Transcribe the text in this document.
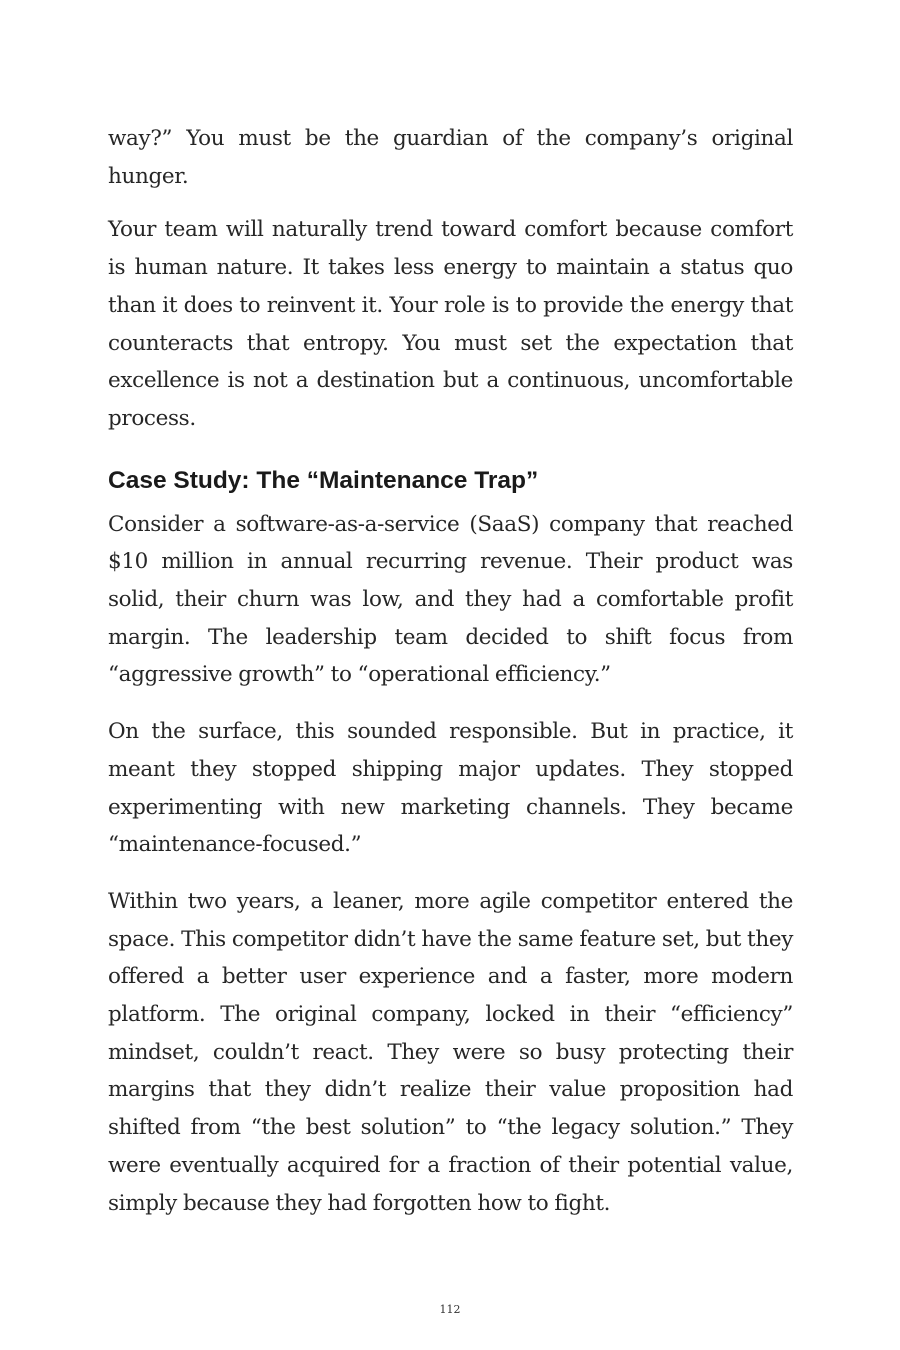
way?” You must be the guardian of the company’s original hunger.

Your team will naturally trend toward comfort because comfort is human nature. It takes less energy to maintain a status quo than it does to reinvent it. Your role is to provide the energy that counteracts that entropy. You must set the expectation that excellence is not a destination but a continuous, uncomfortable process.

Case Study: The “Maintenance Trap”

Consider a software-as-a-service (SaaS) company that reached $10 million in annual recurring revenue. Their product was solid, their churn was low, and they had a comfortable profit margin. The leadership team decided to shift focus from “aggressive growth” to “operational efficiency.”

On the surface, this sounded responsible. But in practice, it meant they stopped shipping major updates. They stopped experimenting with new marketing channels. They became “maintenance-focused.”

Within two years, a leaner, more agile competitor entered the space. This competitor didn’t have the same feature set, but they offered a better user experience and a faster, more modern platform. The original company, locked in their “efficiency” mindset, couldn’t react. They were so busy protecting their margins that they didn’t realize their value proposition had shifted from “the best solution” to “the legacy solution.” They were eventually acquired for a fraction of their potential value, simply because they had forgotten how to fight.

112
